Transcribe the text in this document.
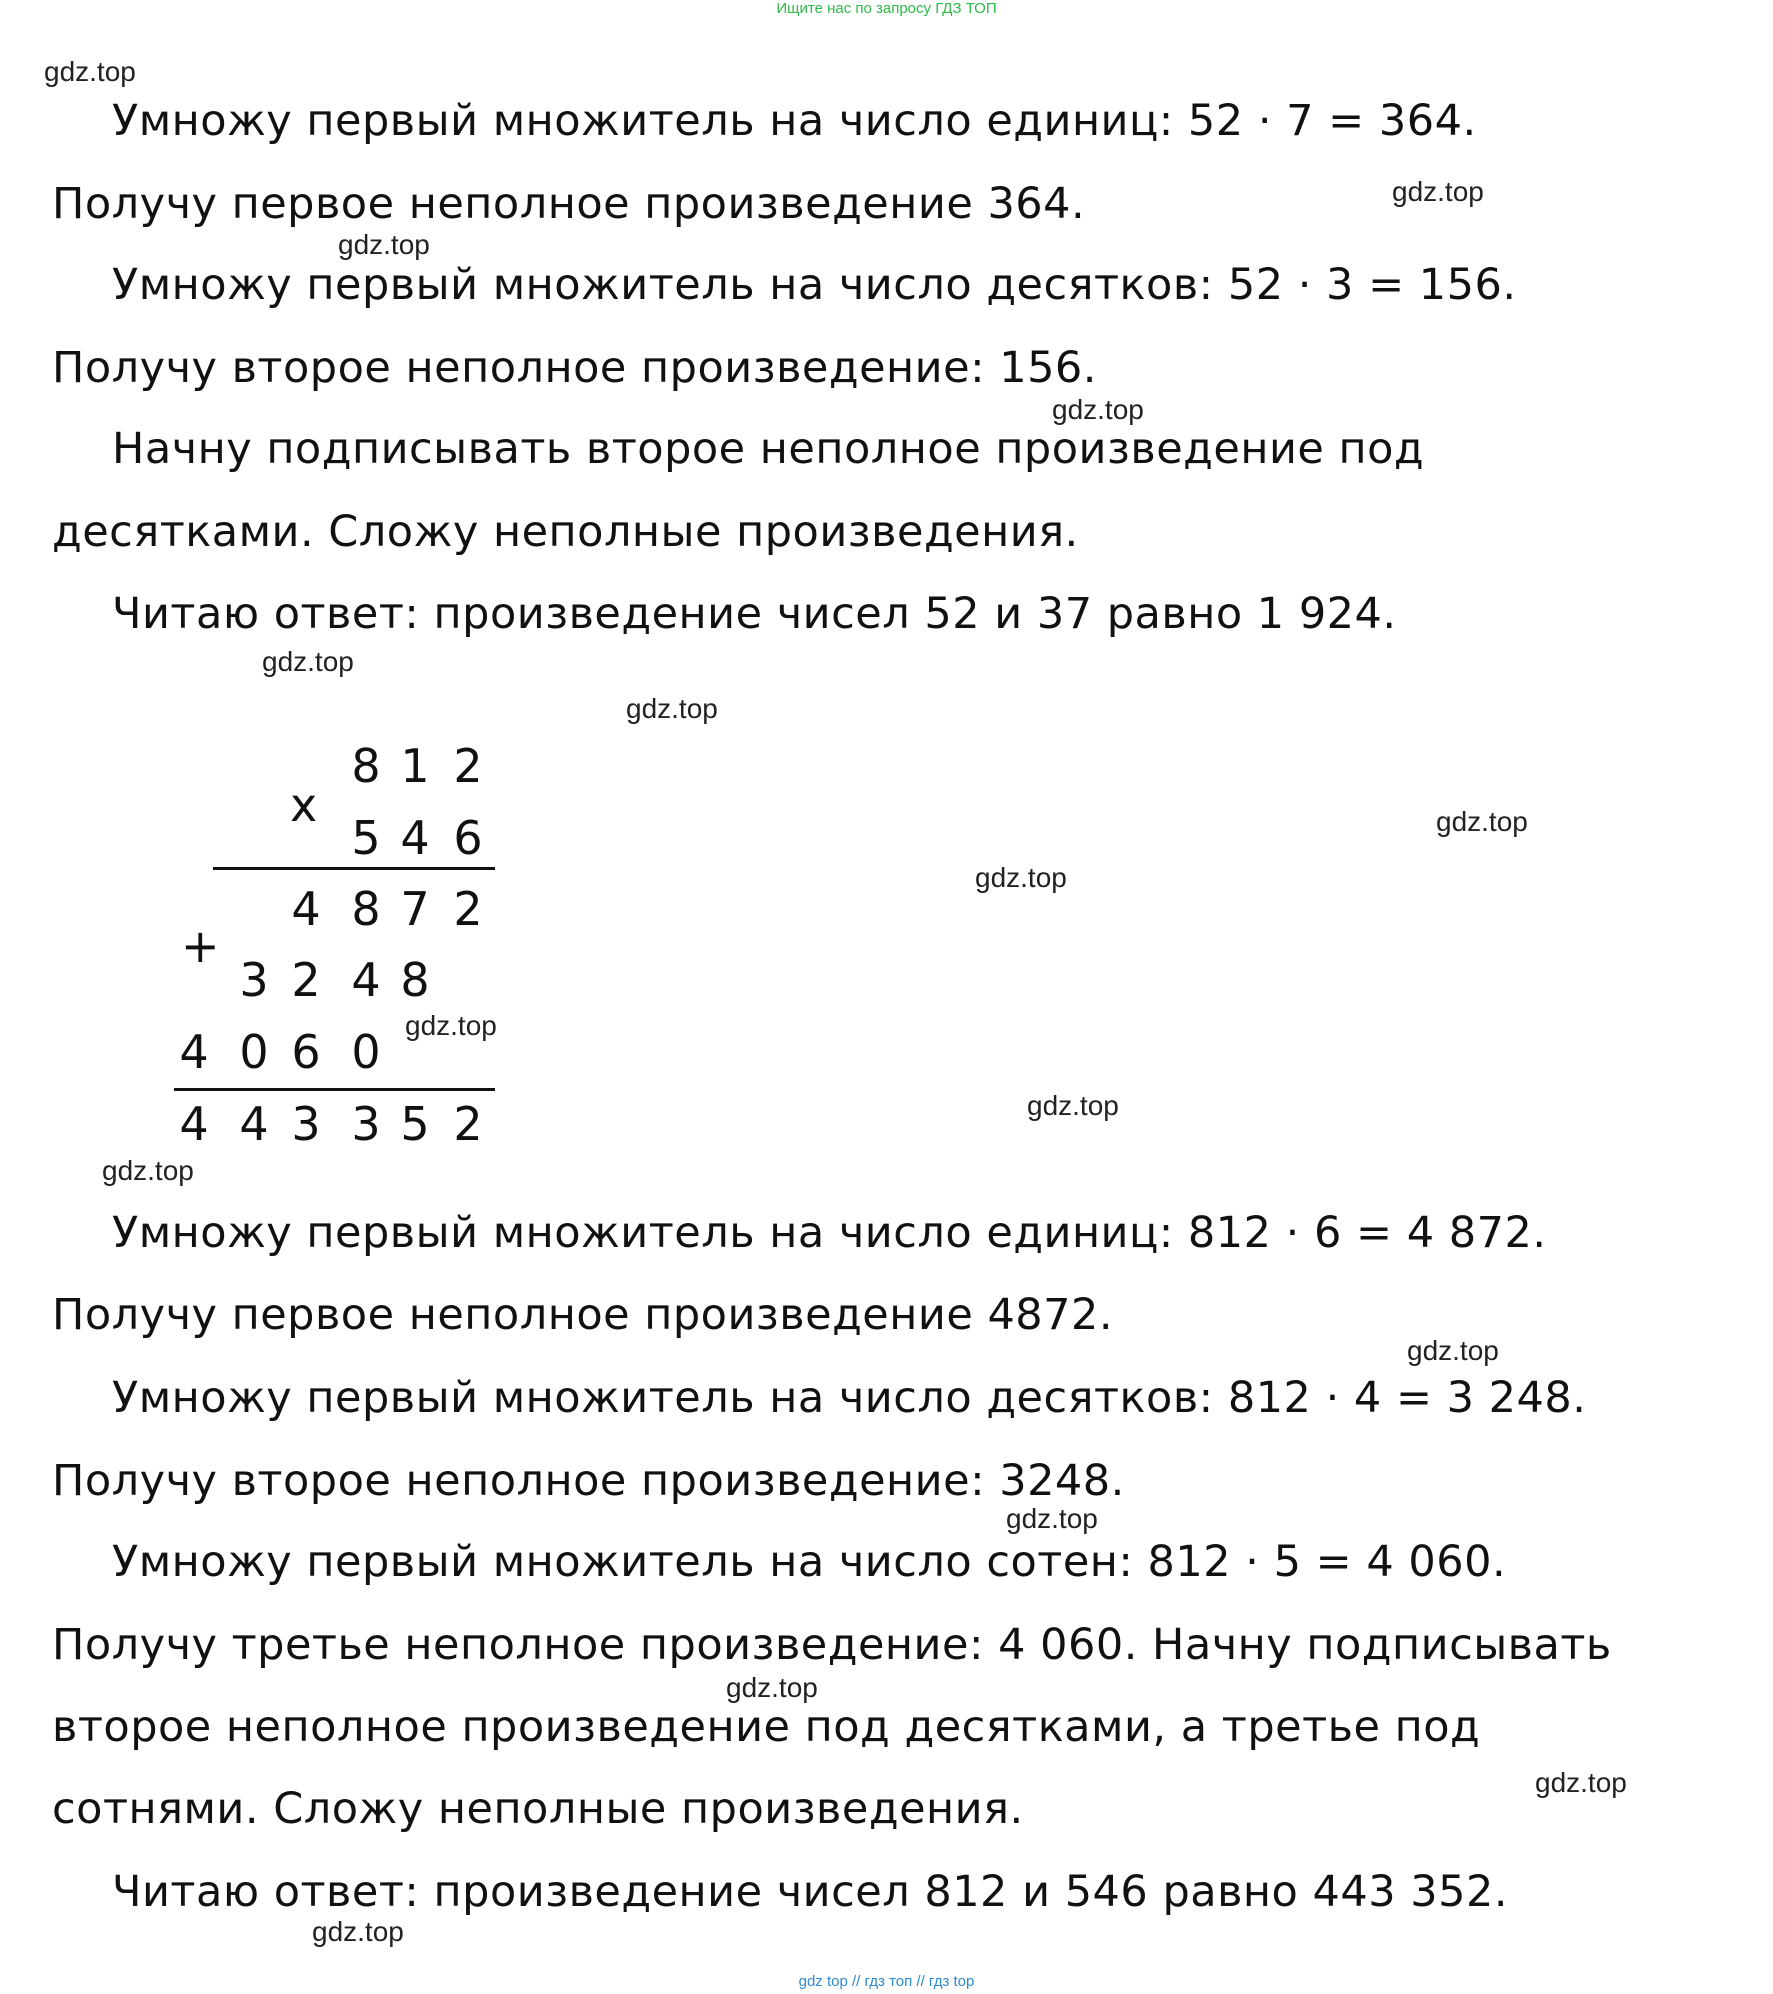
Ищите нас по запросу ГДЗ ТОП
gdz.top
gdz.top
gdz.top
gdz.top
gdz.top
gdz.top
gdz.top
gdz.top
gdz.top
gdz.top
gdz.top
gdz.top
gdz.top
gdz.top
gdz.top
gdz.top
Умножу первый множитель на число единиц: 52 · 7 = 364.
Получу первое неполное произведение 364.
Умножу первый множитель на число десятков: 52 · 3 = 156.
Получу второе неполное произведение: 156.
Начну подписывать второе неполное произведение под
десятками. Сложу неполные произведения.
Читаю ответ: произведение чисел 52 и 37 равно 1 924.
x
+
8 1 2
5 4 6
4 8 7 2
3 2 4 8
4 0 6 0
4 4 3 3 5 2
Умножу первый множитель на число единиц: 812 · 6 = 4 872.
Получу первое неполное произведение 4872.
Умножу первый множитель на число десятков: 812 · 4 = 3 248.
Получу второе неполное произведение: 3248.
Умножу первый множитель на число сотен: 812 · 5 = 4 060.
Получу третье неполное произведение: 4 060. Начну подписывать
второе неполное произведение под десятками, а третье под
сотнями. Сложу неполные произведения.
Читаю ответ: произведение чисел 812 и 546 равно 443 352.
gdz top // гдз топ // гдз top
